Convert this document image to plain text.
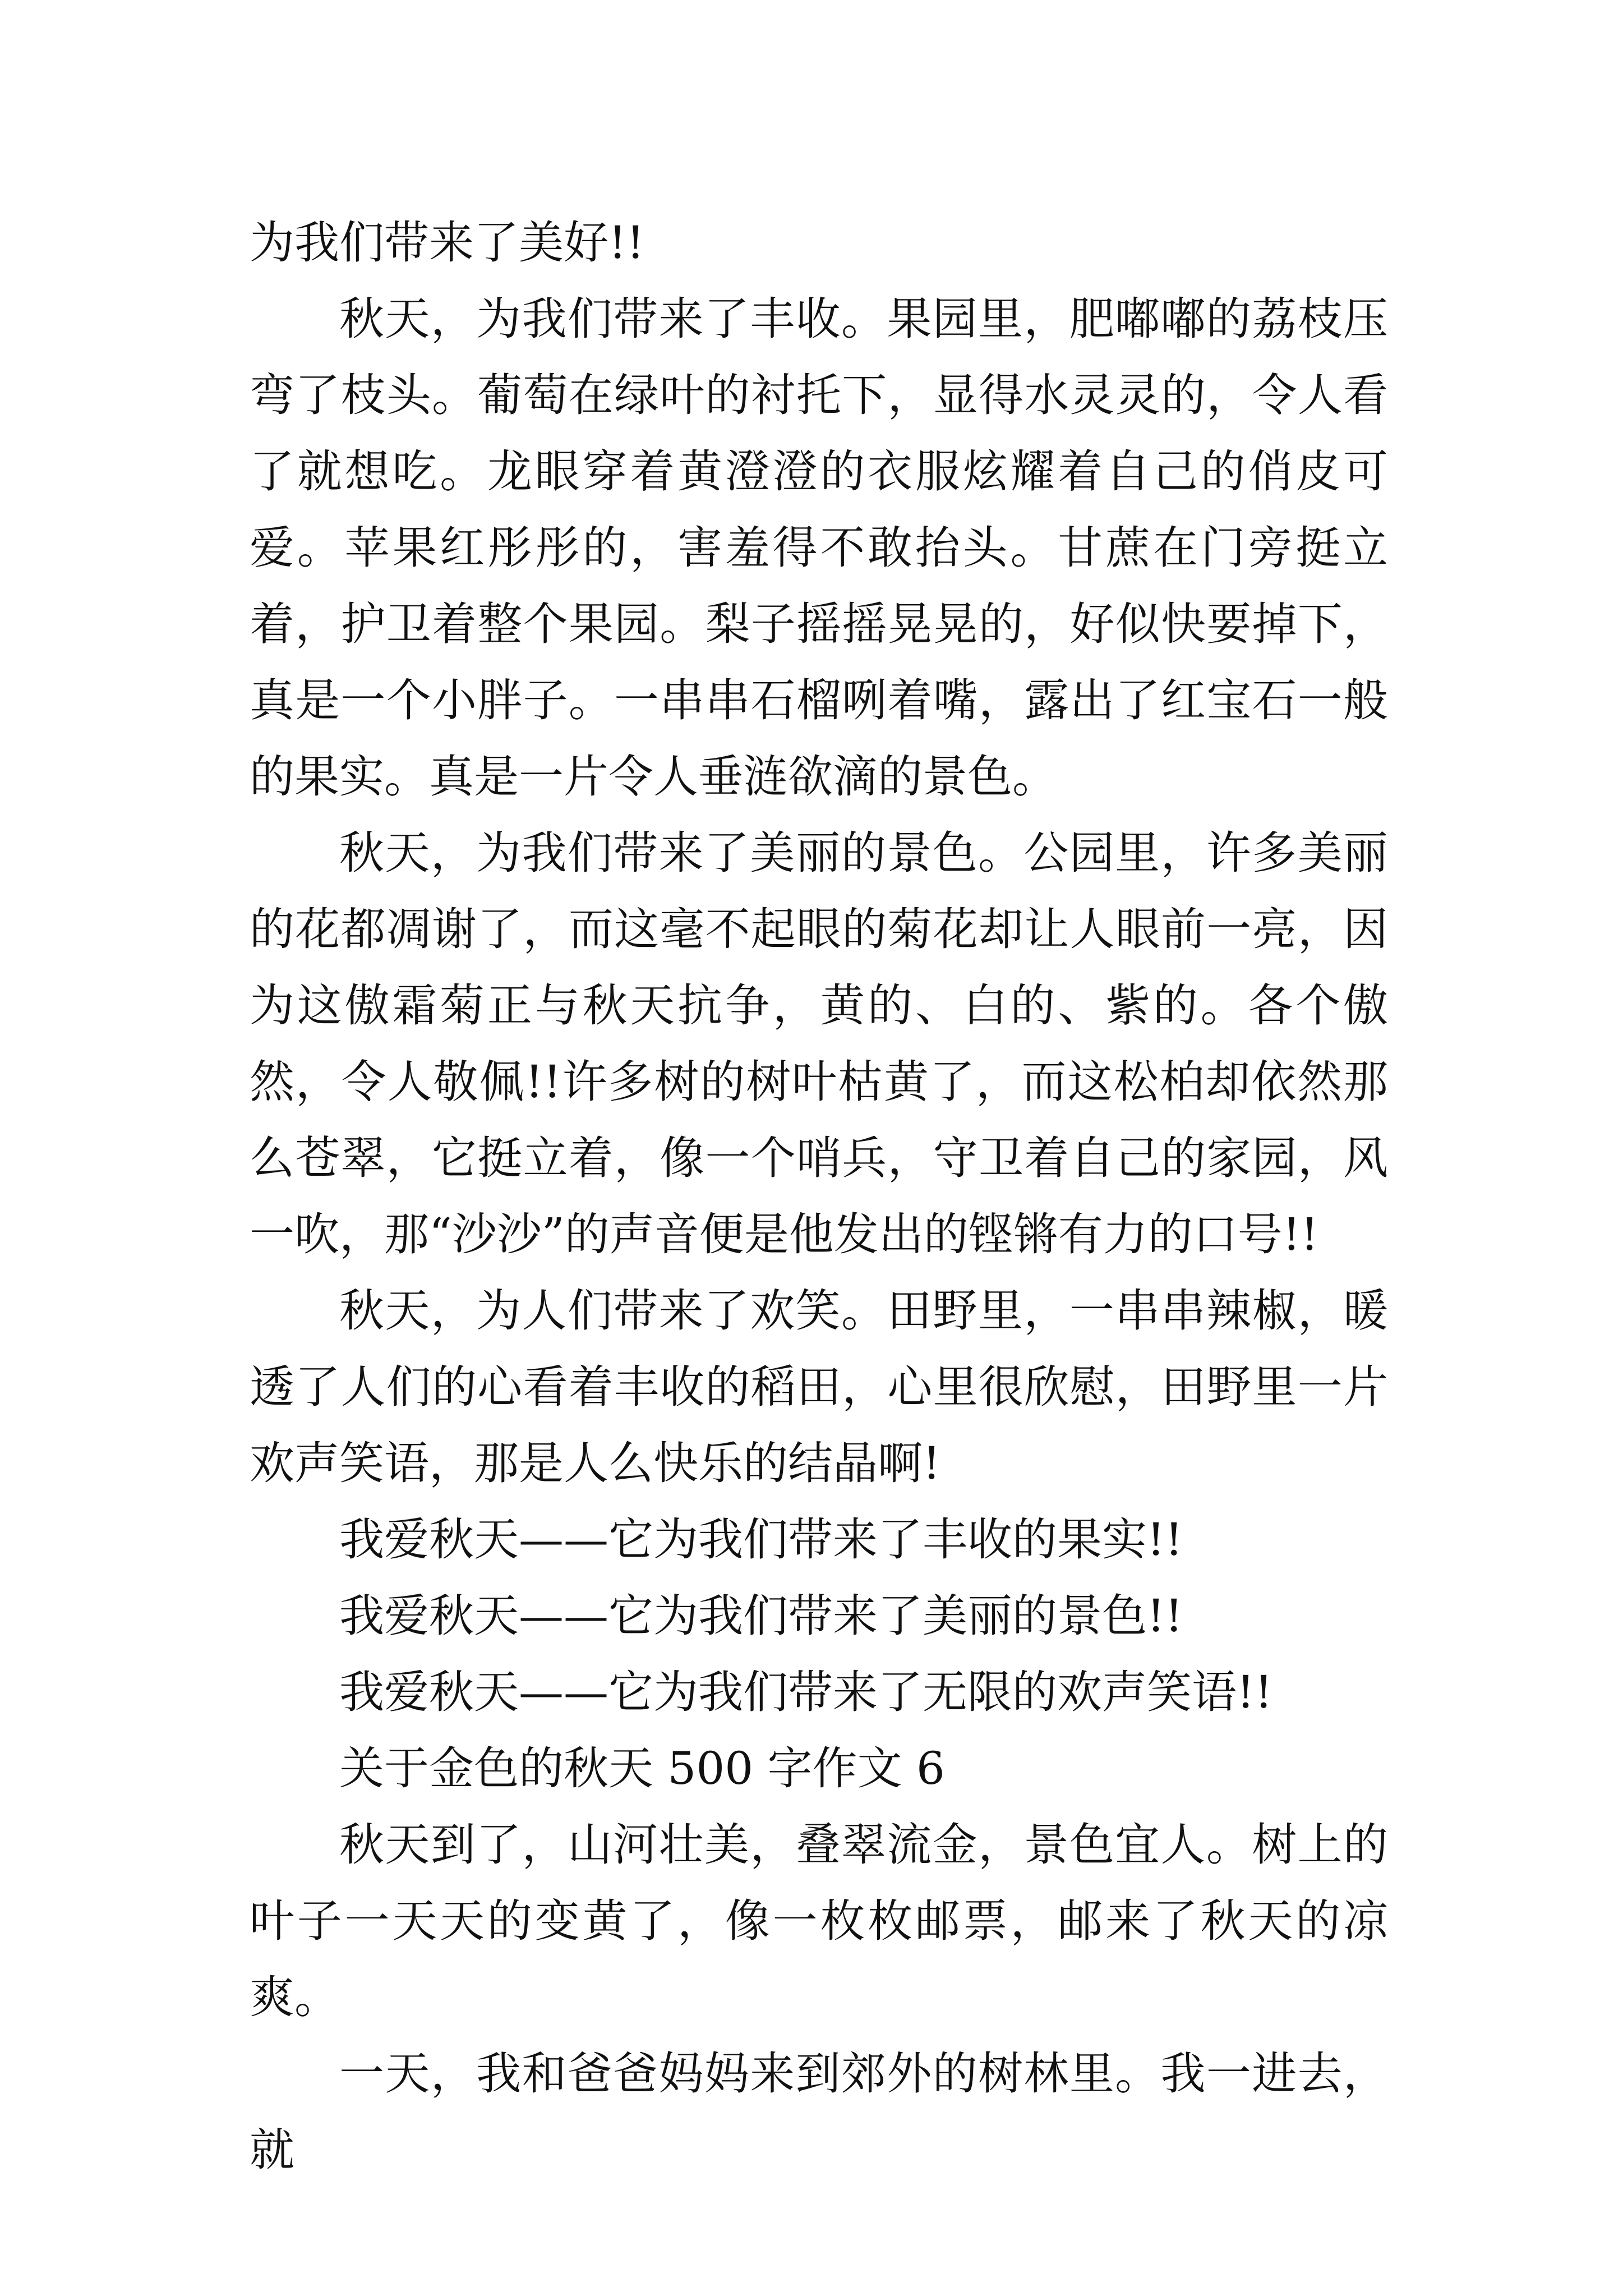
为我们带来了美好!!

秋天，为我们带来了丰收。果园里，肥嘟嘟的荔枝压弯了枝头。葡萄在绿叶的衬托下，显得水灵灵的，令人看了就想吃。龙眼穿着黄澄澄的衣服炫耀着自己的俏皮可爱。苹果红彤彤的，害羞得不敢抬头。甘蔗在门旁挺立着，护卫着整个果园。梨子摇摇晃晃的，好似快要掉下，真是一个小胖子。一串串石榴咧着嘴，露出了红宝石一般的果实。真是一片令人垂涟欲滴的景色。

秋天，为我们带来了美丽的景色。公园里，许多美丽的花都凋谢了，而这毫不起眼的菊花却让人眼前一亮，因为这傲霜菊正与秋天抗争，黄的、白的、紫的。各个傲然，令人敬佩!!许多树的树叶枯黄了，而这松柏却依然那么苍翠，它挺立着，像一个哨兵，守卫着自己的家园，风一吹，那“沙沙”的声音便是他发出的铿锵有力的口号!!

秋天，为人们带来了欢笑。田野里，一串串辣椒，暖透了人们的心看着丰收的稻田，心里很欣慰，田野里一片欢声笑语，那是人么快乐的结晶啊!

我爱秋天——它为我们带来了丰收的果实!!

我爱秋天——它为我们带来了美丽的景色!!

我爱秋天——它为我们带来了无限的欢声笑语!!

关于金色的秋天 500 字作文 6

秋天到了，山河壮美，叠翠流金，景色宜人。树上的叶子一天天的变黄了，像一枚枚邮票，邮来了秋天的凉爽。

一天，我和爸爸妈妈来到郊外的树林里。我一进去，就
